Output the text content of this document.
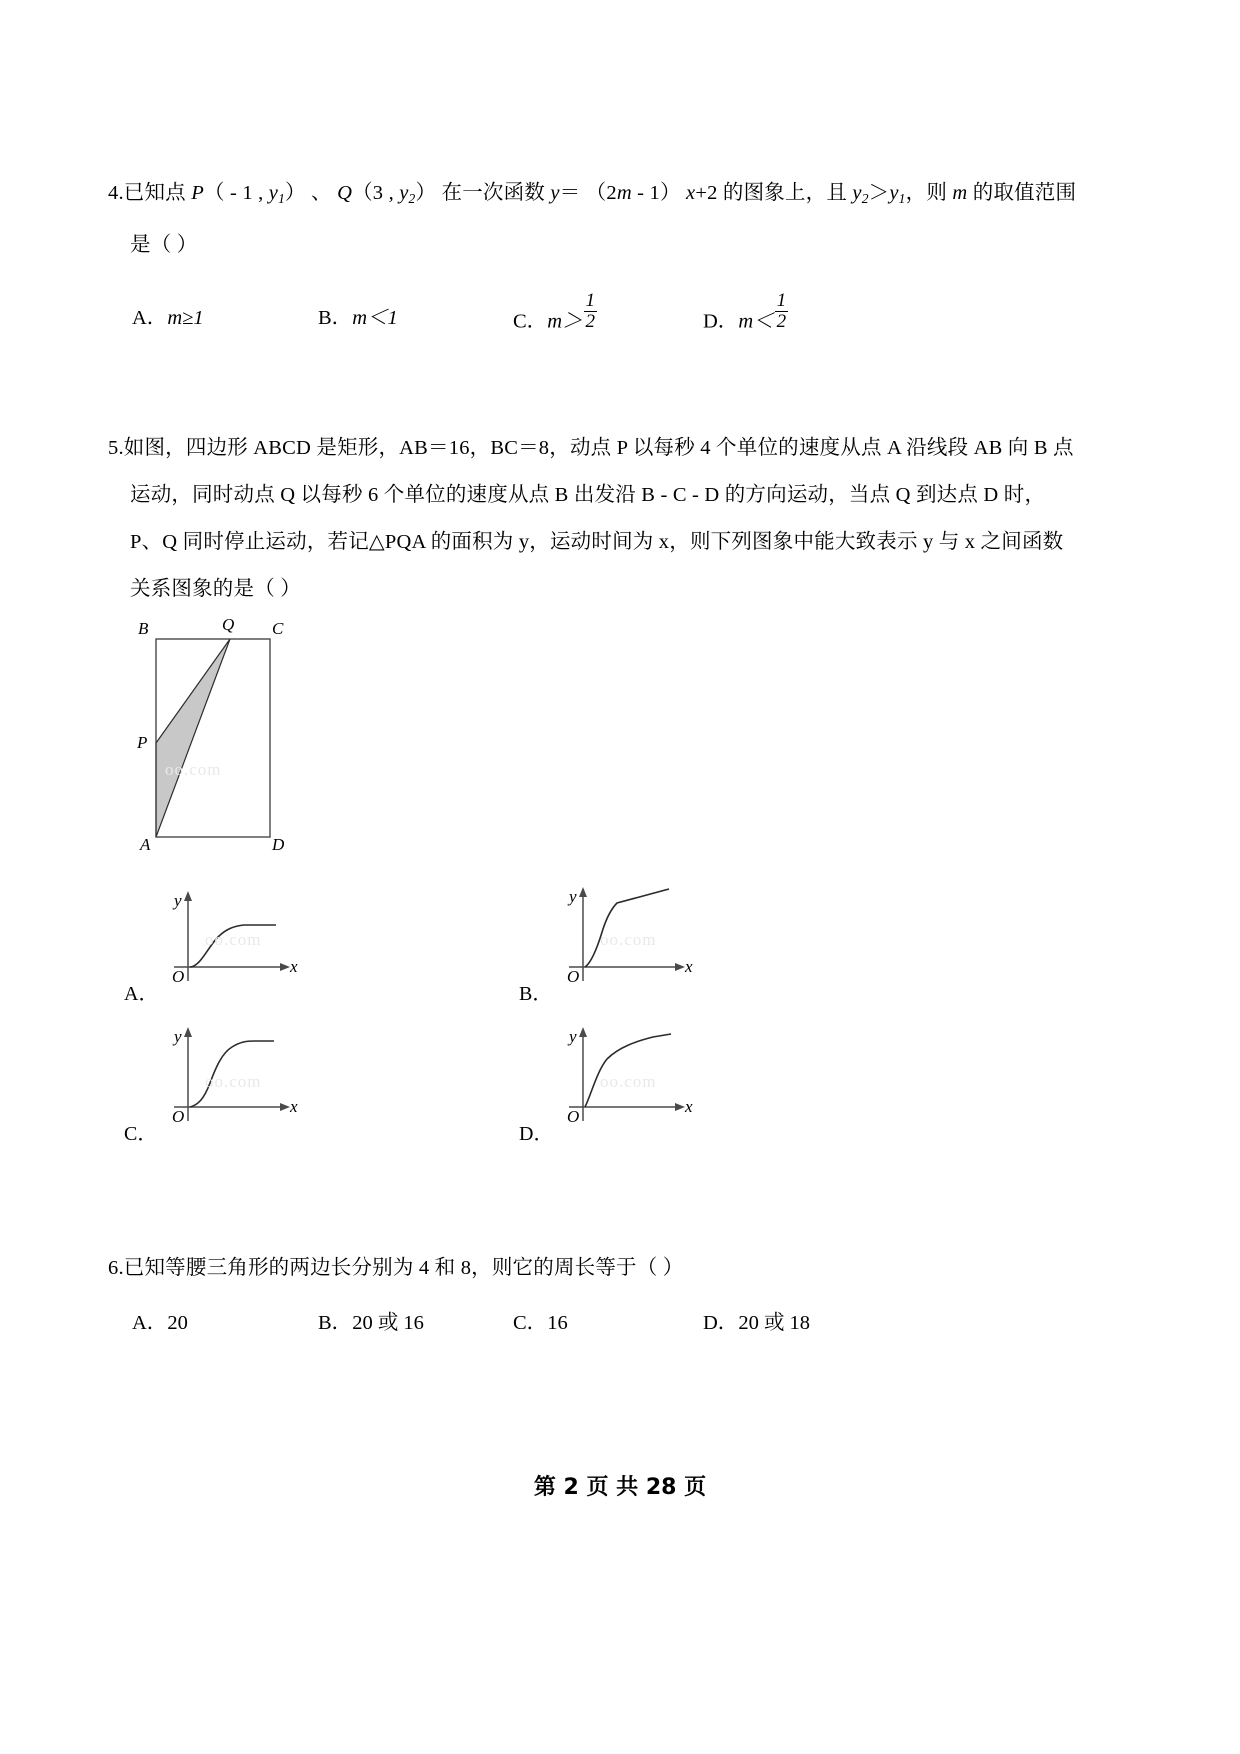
4.已知点 P（ - 1 , $y_1$） 、 Q（3 , $y_2$） 在一次函数 y＝ （2m - 1） x+2 的图象上，且 $y_2>y_1$，则 m 的取值范围
是（ ）
A．m≥1	B．m＜1	C．$m> \frac{1}{2}$	D．$m< \frac{1}{2}$
5.如图，四边形 ABCD 是矩形，AB＝16，BC＝8，动点 P 以每秒 4 个单位的速度从点 A 沿线段 AB 向 B 点
运动，同时动点 Q 以每秒 6 个单位的速度从点 B 出发沿 B - C - D 的方向运动，当点 Q 到达点 D 时，
P、Q 同时停止运动，若记△PQA 的面积为 y，运动时间为 x，则下列图象中能大致表示 y 与 x 之间函数
关系图象的是（ ）
B	Q C
P
A	D
oo.com
y
O
x
A．
oo.com
y
O
x
B．
oo.com
y
O
x
C．
oo.com
y
O
x
D．
oo.com
6.已知等腰三角形的两边长分别为 4 和 8，则它的周长等于（ ）
A．20	B．20 或 16	C．16	D．20 或 18
第 2 页 共 28 页
